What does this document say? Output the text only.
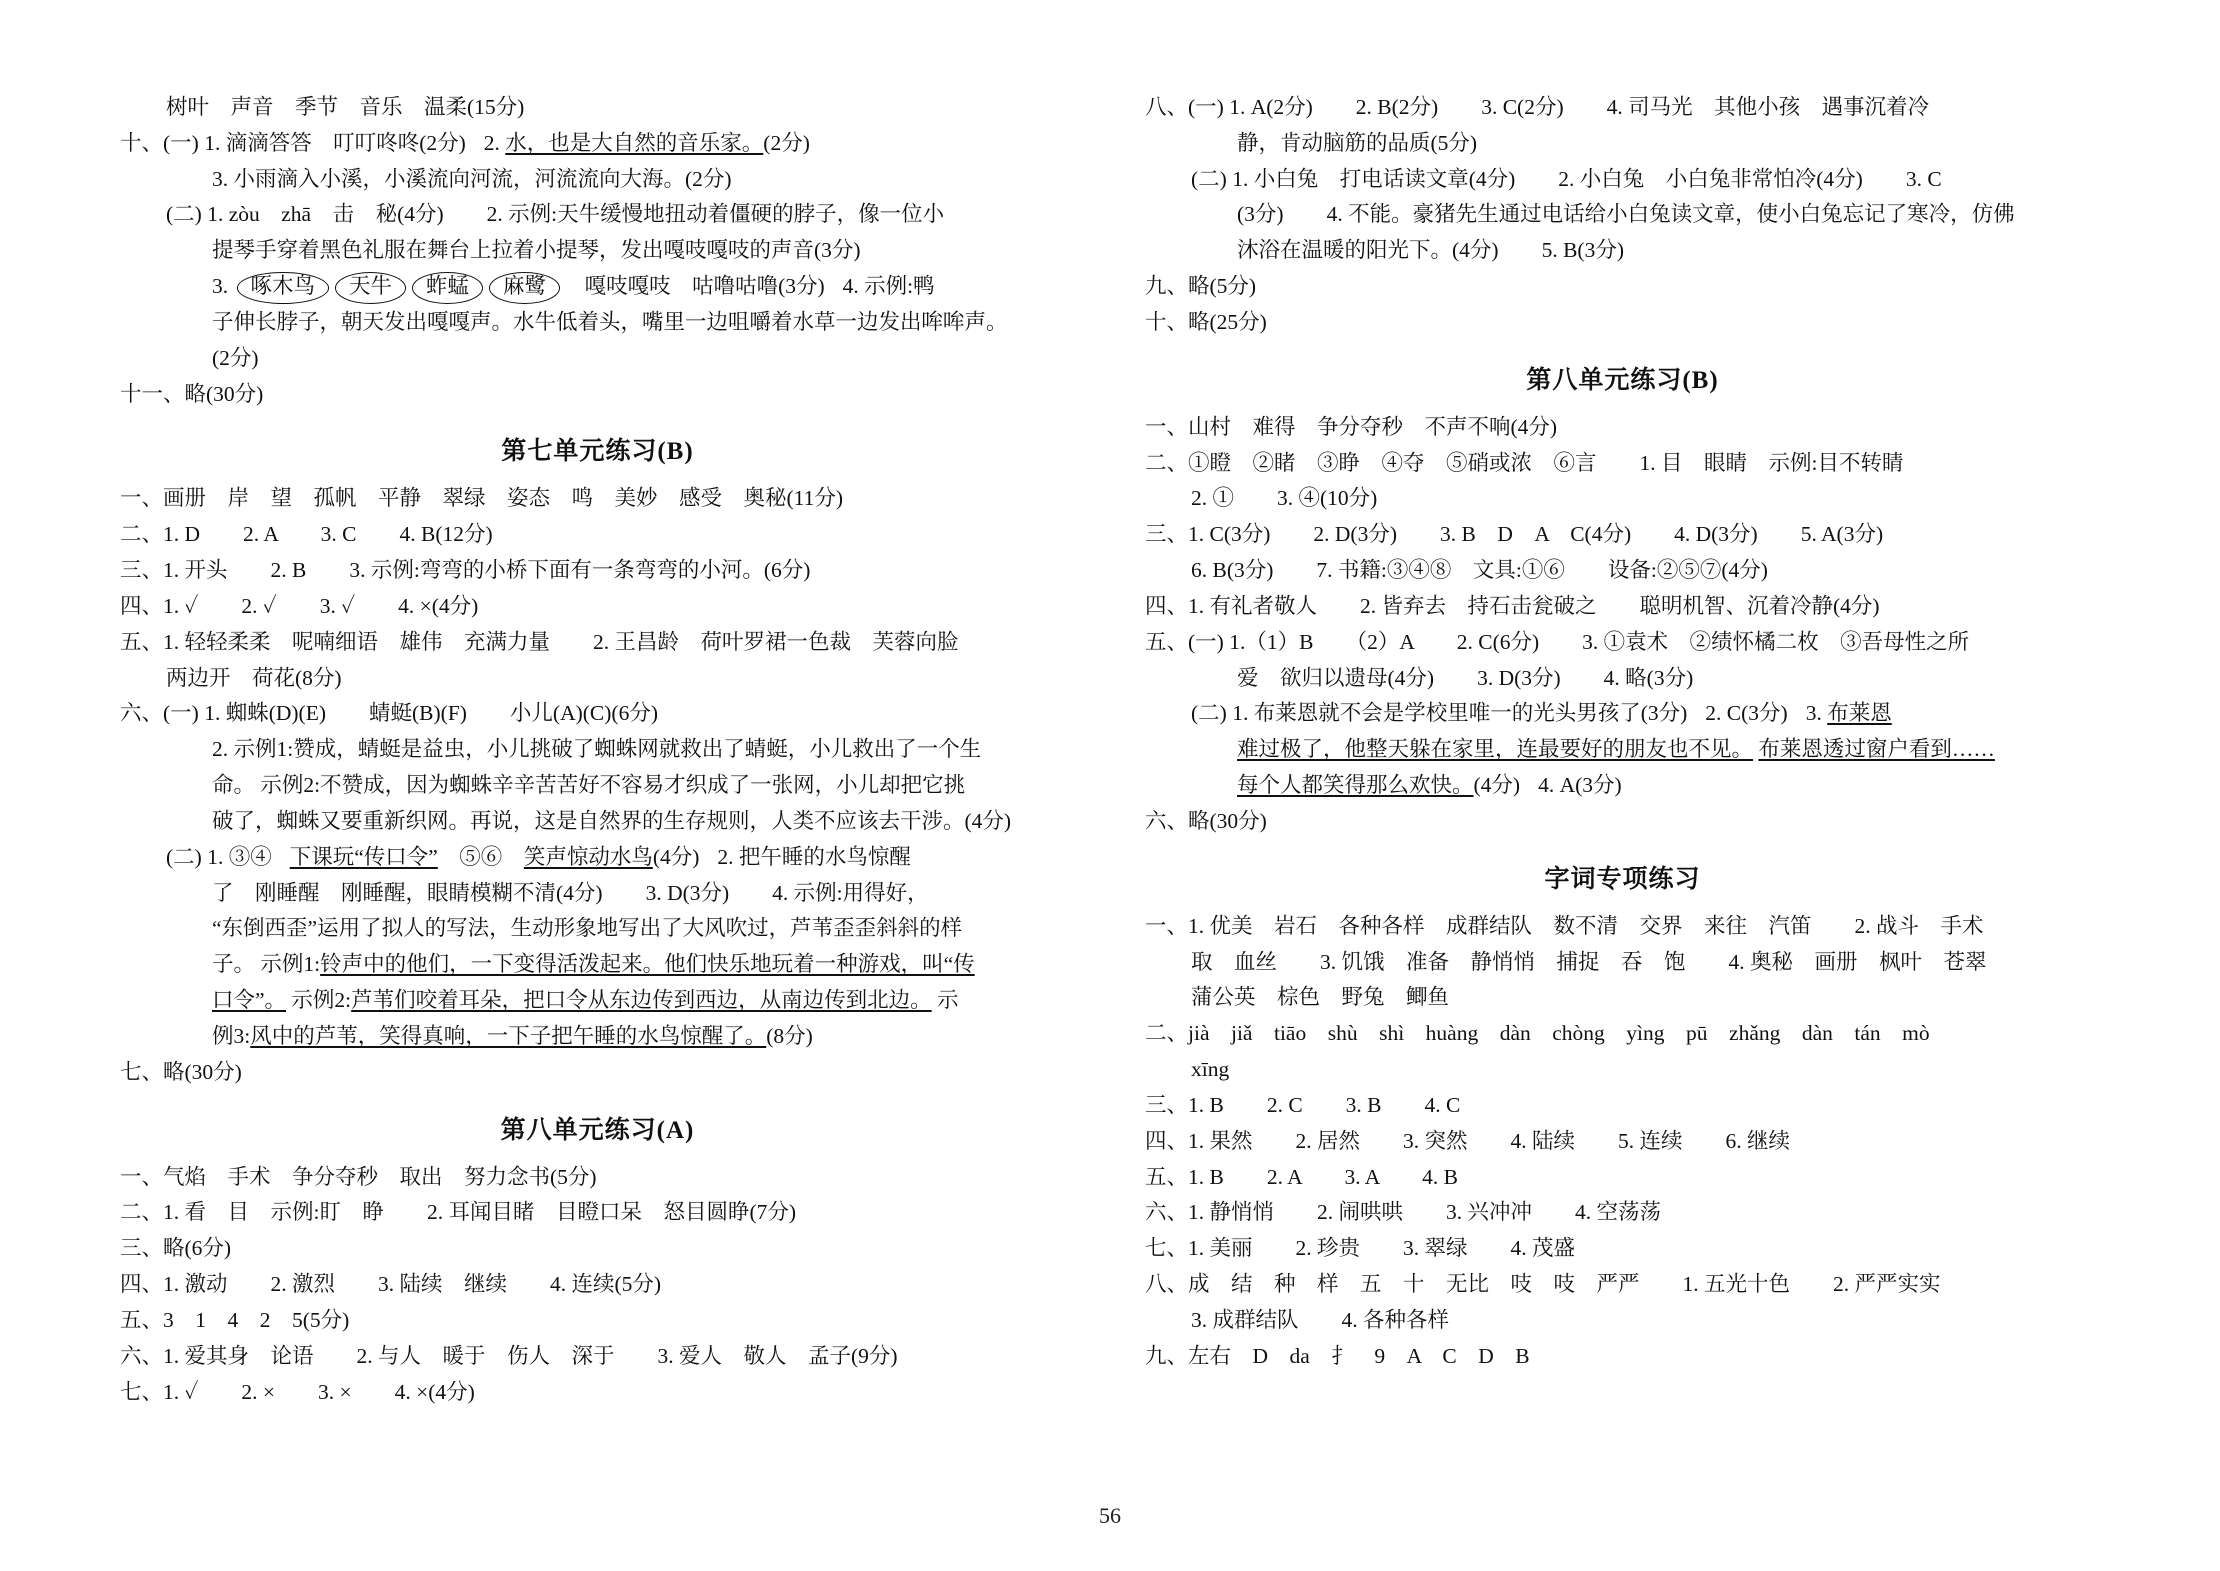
树叶　声音　季节　音乐　温柔(15分)
十、(一) 1. 滴滴答答　叮叮咚咚(2分) 2. 水，也是大自然的音乐家。(2分)
3. 小雨滴入小溪，小溪流向河流，河流流向大海。(2分)
(二) 1. zòu　zhā　击　秘(4分)　　2. 示例:天牛缓慢地扭动着僵硬的脖子，像一位小
提琴手穿着黑色礼服在舞台上拉着小提琴，发出嘎吱嘎吱的声音(3分)
3. 啄木鸟 天牛 蚱蜢 麻鹭　嘎吱嘎吱　咕噜咕噜(3分) 4. 示例:鸭
子伸长脖子，朝天发出嘎嘎声。水牛低着头，嘴里一边咀嚼着水草一边发出哞哞声。
(2分)
十一、略(30分)
第七单元练习(B)
一、画册　岸　望　孤帆　平静　翠绿　姿态　鸣　美妙　感受　奥秘(11分)
二、1. D　　2. A　　3. C　　4. B(12分)
三、1. 开头　　2. B　　3. 示例:弯弯的小桥下面有一条弯弯的小河。(6分)
四、1. ✓　　2. ✓　　3. ✓　　4. ×(4分)
五、1. 轻轻柔柔　呢喃细语　雄伟　充满力量　　2. 王昌龄　荷叶罗裙一色裁　芙蓉向脸
两边开　荷花(8分)
六、(一) 1. 蜘蛛(D)(E)　　蜻蜓(B)(F)　　小儿(A)(C)(6分)
2. 示例1:赞成，蜻蜓是益虫，小儿挑破了蜘蛛网就救出了蜻蜓，小儿救出了一个生
命。 示例2:不赞成，因为蜘蛛辛辛苦苦好不容易才织成了一张网，小儿却把它挑
破了，蜘蛛又要重新织网。再说，这是自然界的生存规则，人类不应该去干涉。(4分)
(二) 1. ③④ 下课玩“传口令”　⑤⑥　笑声惊动水鸟(4分) 2. 把午睡的水鸟惊醒
了　刚睡醒　刚睡醒，眼睛模糊不清(4分)　　3. D(3分)　　4. 示例:用得好，
“东倒西歪”运用了拟人的写法，生动形象地写出了大风吹过，芦苇歪歪斜斜的样
子。 示例1:铃声中的他们，一下变得活泼起来。他们快乐地玩着一种游戏，叫“传
口令”。 示例2:芦苇们咬着耳朵，把口令从东边传到西边，从南边传到北边。 示
例3:风中的芦苇，笑得真响，一下子把午睡的水鸟惊醒了。(8分)
七、略(30分)
第八单元练习(A)
一、气焰　手术　争分夺秒　取出　努力念书(5分)
二、1. 看　目　示例:盯　睁　　2. 耳闻目睹　目瞪口呆　怒目圆睁(7分)
三、略(6分)
四、1. 激动　　2. 激烈　　3. 陆续　继续　　4. 连续(5分)
五、3　1　4　2　5(5分)
六、1. 爱其身　论语　　2. 与人　暖于　伤人　深于　　3. 爱人　敬人　孟子(9分)
七、1. ✓　　2. ×　　3. ×　　4. ×(4分)
八、(一) 1. A(2分)　　2. B(2分)　　3. C(2分)　　4. 司马光　其他小孩　遇事沉着冷
静，肯动脑筋的品质(5分)
(二) 1. 小白兔　打电话读文章(4分)　　2. 小白兔　小白兔非常怕冷(4分)　　3. C
(3分)　　4. 不能。豪猪先生通过电话给小白兔读文章，使小白兔忘记了寒冷，仿佛
沐浴在温暖的阳光下。(4分)　　5. B(3分)
九、略(5分)
十、略(25分)
第八单元练习(B)
一、山村　难得　争分夺秒　不声不响(4分)
二、①瞪　②睹　③睁　④夺　⑤硝或浓　⑥言　　1. 目　眼睛　示例:目不转睛
2. ①　　3. ④(10分)
三、1. C(3分)　　2. D(3分)　　3. B　D　A　C(4分)　　4. D(3分)　　5. A(3分)
6. B(3分)　　7. 书籍:③④⑧　文具:①⑥　　设备:②⑤⑦(4分)
四、1. 有礼者敬人　　2. 皆弃去　持石击瓮破之　　聪明机智、沉着冷静(4分)
五、(一) 1.（1）B　　（2）A　　2. C(6分)　　3. ①袁术　②绩怀橘二枚　③吾母性之所
爱　欲归以遗母(4分)　　3. D(3分)　　4. 略(3分)
(二) 1. 布莱恩就不会是学校里唯一的光头男孩了(3分) 2. C(3分) 3. 布莱恩
难过极了，他整天躲在家里，连最要好的朋友也不见。 布莱恩透过窗户看到……
每个人都笑得那么欢快。(4分) 4. A(3分)
六、略(30分)
字词专项练习
一、1. 优美　岩石　各种各样　成群结队　数不清　交界　来往　汽笛　　2. 战斗　手术
取　血丝　　3. 饥饿　准备　静悄悄　捕捉　吞　饱　　4. 奥秘　画册　枫叶　苍翠
蒲公英　棕色　野兔　鲫鱼
二、jià　jiǎ　tiāo　shù　shì　huàng　dàn　chòng　yìng　pū　zhǎng　dàn　tán　mò
xīng
三、1. B　　2. C　　3. B　　4. C
四、1. 果然　　2. 居然　　3. 突然　　4. 陆续　　5. 连续　　6. 继续
五、1. B　　2. A　　3. A　　4. B
六、1. 静悄悄　　2. 闹哄哄　　3. 兴冲冲　　4. 空荡荡
七、1. 美丽　　2. 珍贵　　3. 翠绿　　4. 茂盛
八、成　结　种　样　五　十　无比　吱　吱　严严　　1. 五光十色　　2. 严严实实
3. 成群结队　　4. 各种各样
九、左右　D　da　扌　9　A　C　D　B
56
